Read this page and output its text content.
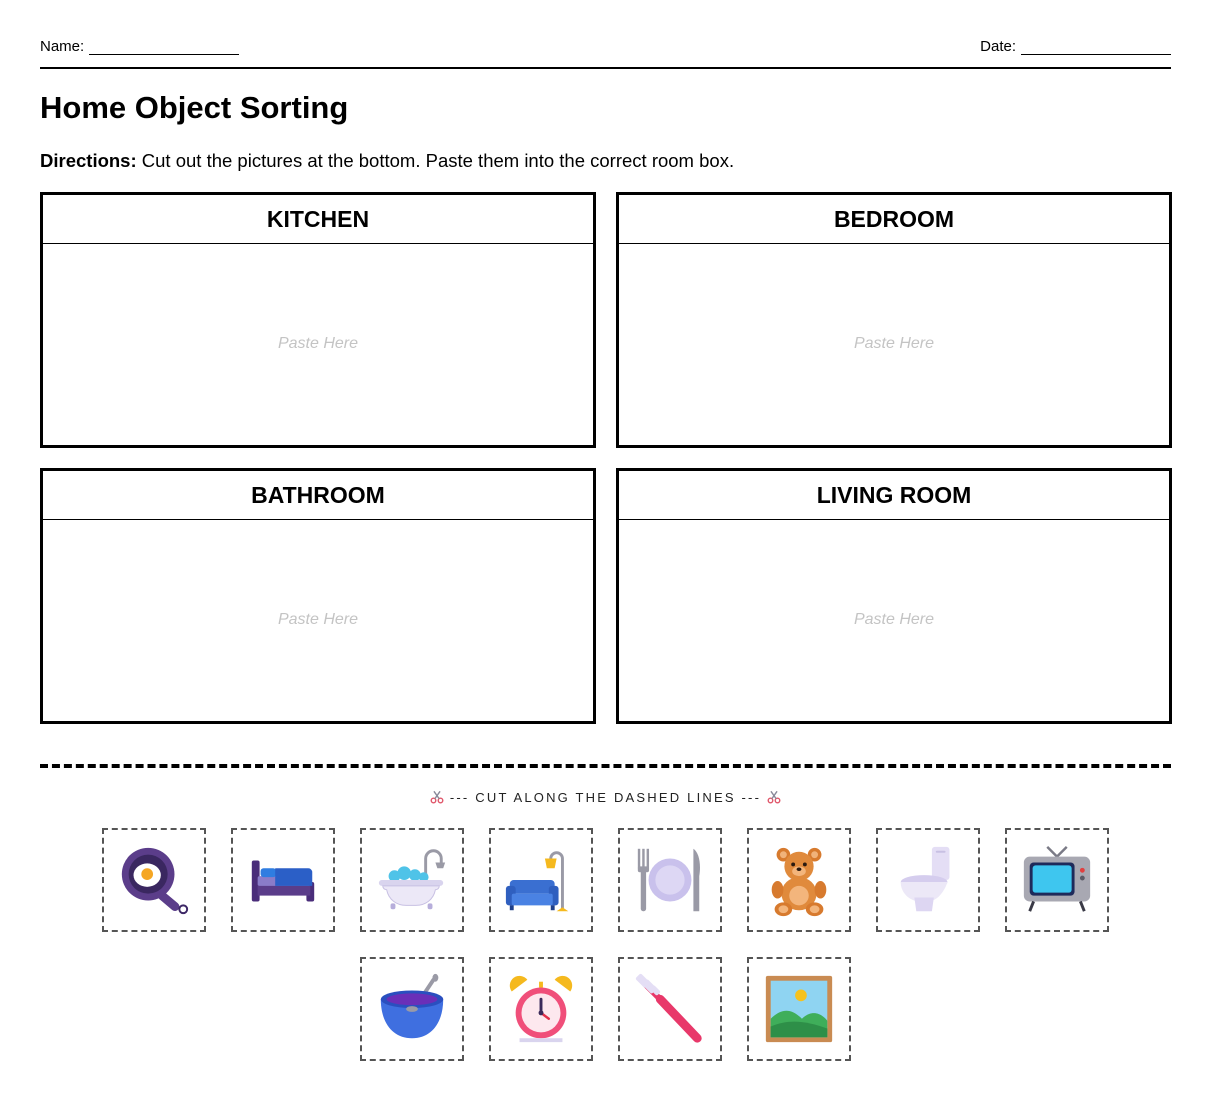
Name:	Date:
Home Object Sorting

Directions: Cut out the pictures at the bottom. Paste them into the correct room box.

KITCHEN
Paste Here
BEDROOM
Paste Here
BATHROOM
Paste Here
LIVING ROOM
Paste Here
--- CUT ALONG THE DASHED LINES ---
